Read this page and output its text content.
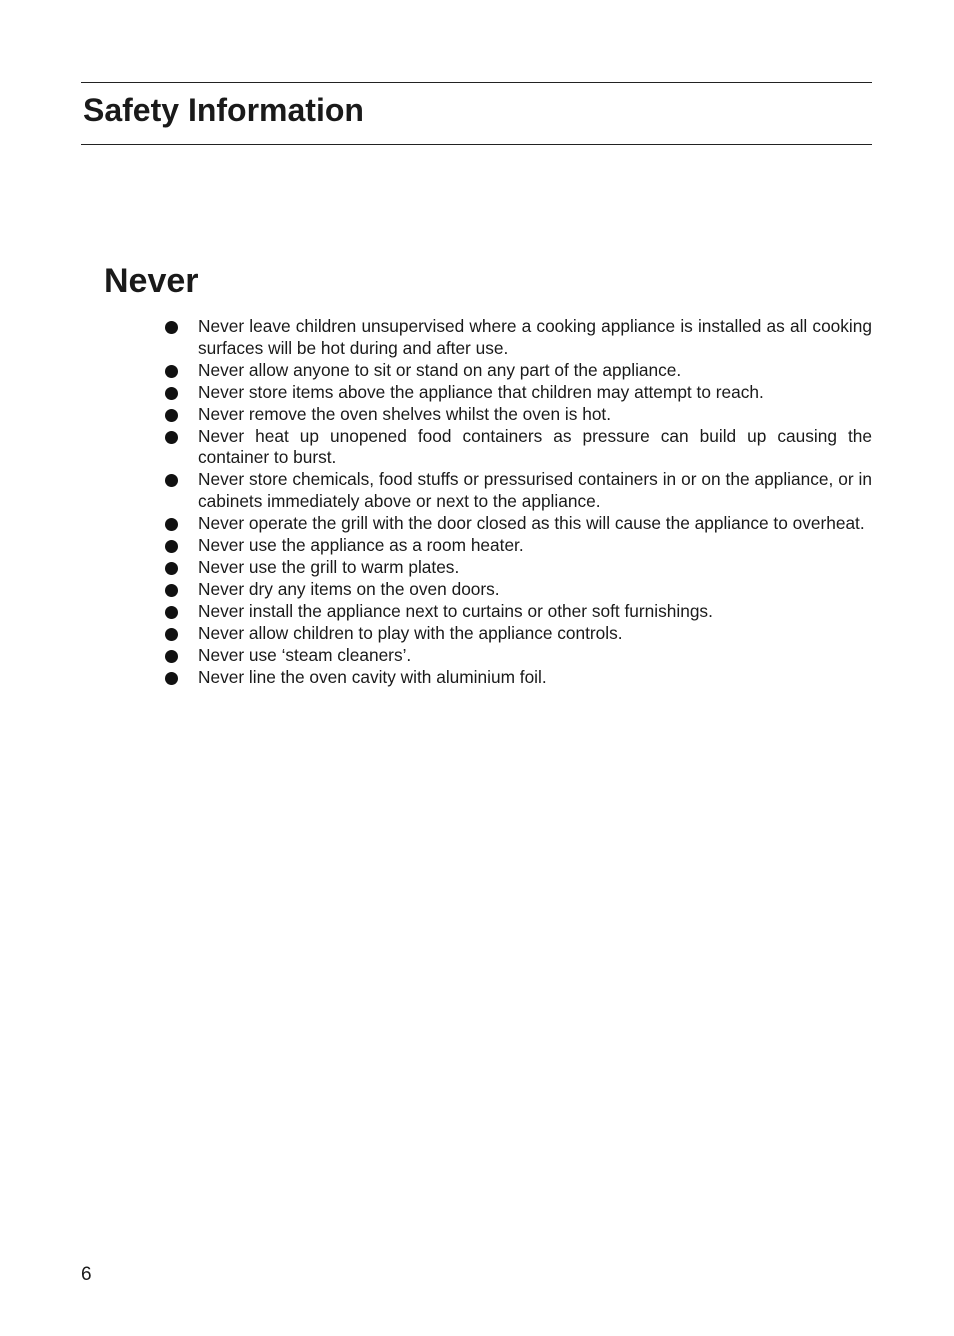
Safety Information
Never
Never leave children unsupervised where a cooking appliance is installed as all cooking surfaces will be hot during and after use.
Never allow anyone to sit or stand on any part of the appliance.
Never store items above the appliance that children may attempt to reach.
Never remove the oven shelves whilst the oven is hot.
Never heat up unopened food containers as pressure can build up causing the container to burst.
Never store chemicals, food stuffs or pressurised containers in or on the appliance, or in cabinets immediately above or next to the appliance.
Never operate the grill with the door closed as this will cause the appliance to overheat.
Never use the appliance as a room heater.
Never use the grill to warm plates.
Never dry any items on the oven doors.
Never install the appliance next to curtains or other soft furnishings.
Never allow children to play with the appliance controls.
Never use ‘steam cleaners’.
Never line the oven cavity with aluminium foil.
6
